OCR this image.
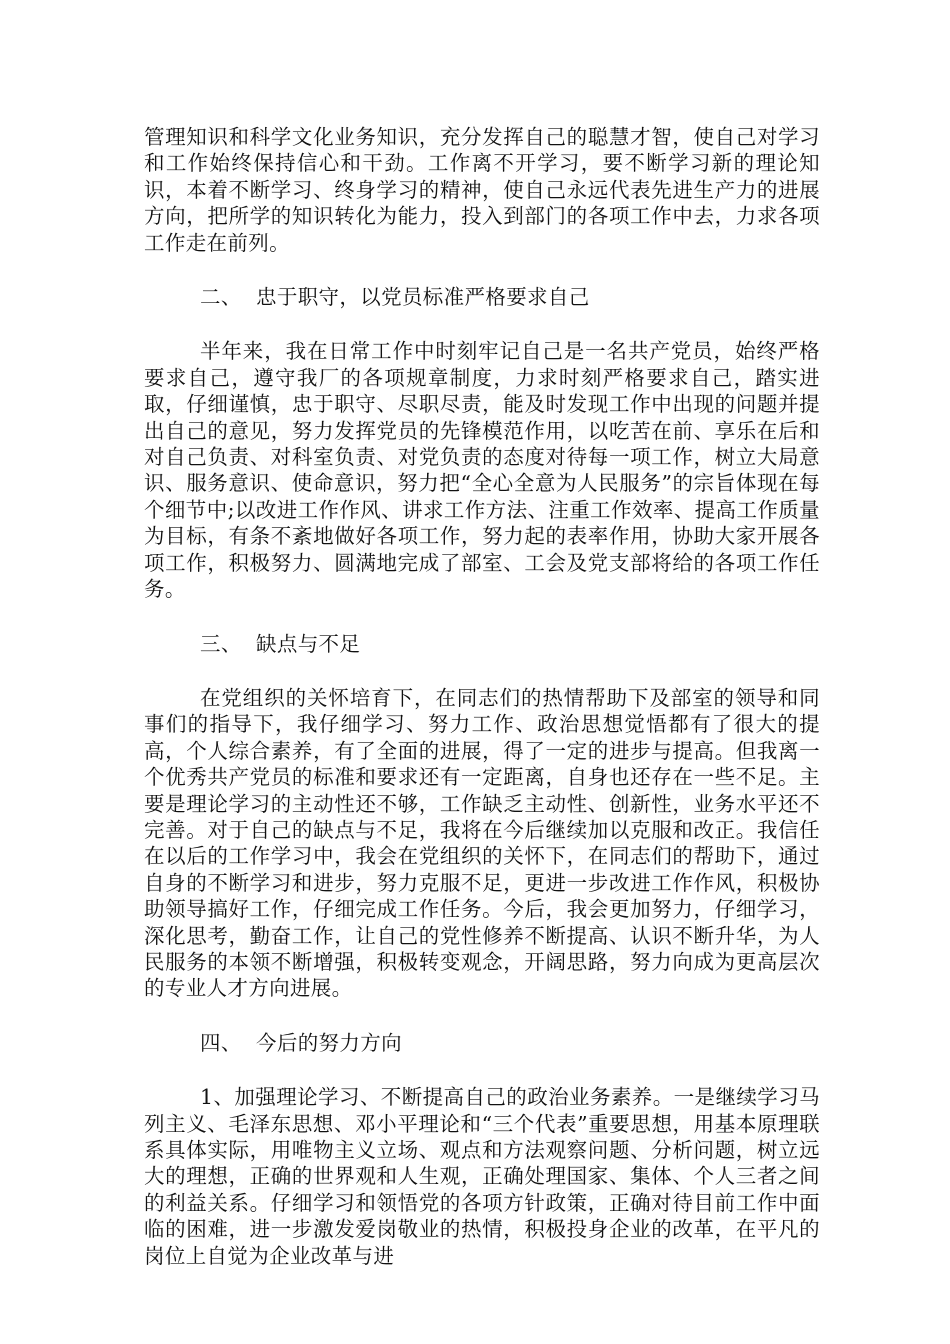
管理知识和科学文化业务知识，充分发挥自己的聪慧才智，使自己对学习和工作始终保持信心和干劲。工作离不开学习，要不断学习新的理论知识，本着不断学习、终身学习的精神，使自己永远代表先进生产力的进展方向，把所学的知识转化为能力，投入到部门的各项工作中去，力求各项工作走在前列。

二、 忠于职守，以党员标准严格要求自己

半年来，我在日常工作中时刻牢记自己是一名共产党员，始终严格要求自己，遵守我厂的各项规章制度，力求时刻严格要求自己，踏实进取，仔细谨慎，忠于职守、尽职尽责，能及时发现工作中出现的问题并提出自己的意见，努力发挥党员的先锋模范作用，以吃苦在前、享乐在后和对自己负责、对科室负责、对党负责的态度对待每一项工作，树立大局意识、服务意识、使命意识，努力把“全心全意为人民服务”的宗旨体现在每个细节中;以改进工作作风、讲求工作方法、注重工作效率、提高工作质量为目标，有条不紊地做好各项工作，努力起的表率作用，协助大家开展各项工作，积极努力、圆满地完成了部室、工会及党支部将给的各项工作任务。

三、 缺点与不足

在党组织的关怀培育下，在同志们的热情帮助下及部室的领导和同事们的指导下，我仔细学习、努力工作、政治思想觉悟都有了很大的提高，个人综合素养，有了全面的进展，得了一定的进步与提高。但我离一个优秀共产党员的标准和要求还有一定距离，自身也还存在一些不足。主要是理论学习的主动性还不够，工作缺乏主动性、创新性，业务水平还不完善。对于自己的缺点与不足，我将在今后继续加以克服和改正。我信任在以后的工作学习中，我会在党组织的关怀下，在同志们的帮助下，通过自身的不断学习和进步，努力克服不足，更进一步改进工作作风，积极协助领导搞好工作，仔细完成工作任务。今后，我会更加努力，仔细学习，深化思考，勤奋工作，让自己的党性修养不断提高、认识不断升华，为人民服务的本领不断增强，积极转变观念，开阔思路，努力向成为更高层次的专业人才方向进展。

四、 今后的努力方向

1、加强理论学习、不断提高自己的政治业务素养。一是继续学习马列主义、毛泽东思想、邓小平理论和“三个代表”重要思想，用基本原理联系具体实际，用唯物主义立场、观点和方法观察问题、分析问题，树立远大的理想，正确的世界观和人生观，正确处理国家、集体、个人三者之间的利益关系。仔细学习和领悟党的各项方针政策，正确对待目前工作中面临的困难，进一步激发爱岗敬业的热情，积极投身企业的改革，在平凡的岗位上自觉为企业改革与进
